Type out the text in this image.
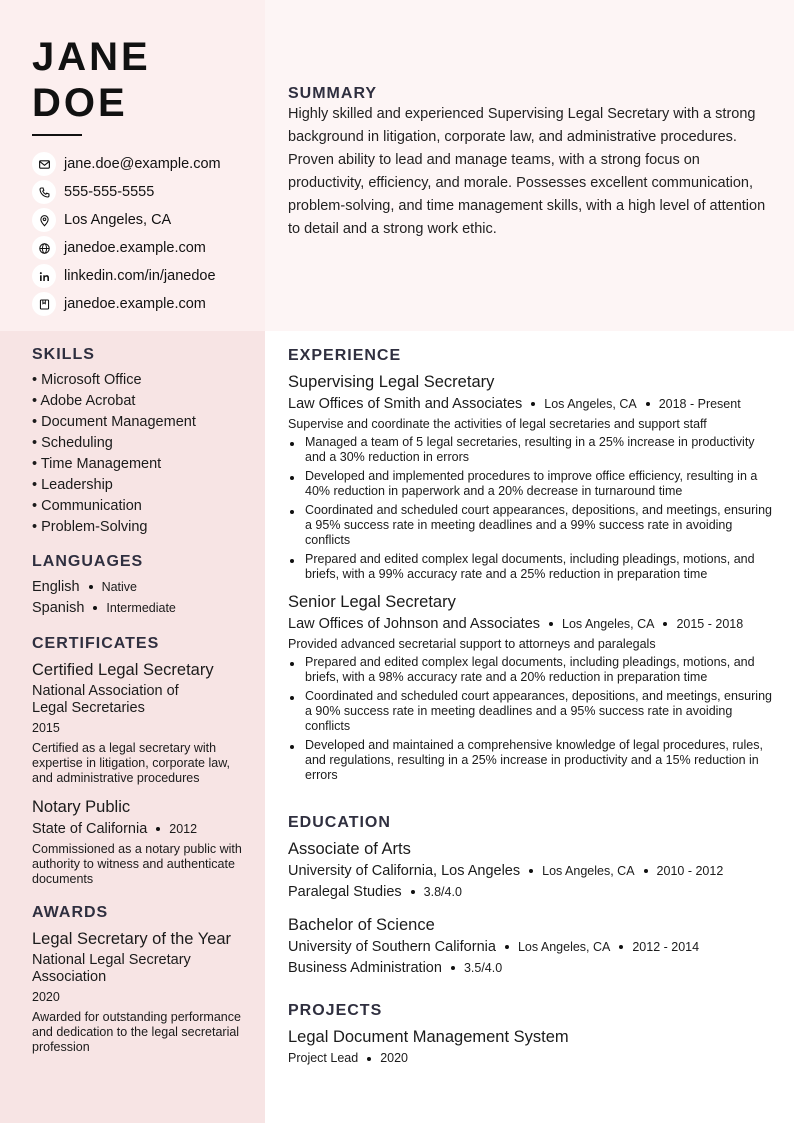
JANE
DOE
jane.doe@example.com
555-555-5555
Los Angeles, CA
janedoe.example.com
linkedin.com/in/janedoe
janedoe.example.com
SUMMARY
Highly skilled and experienced Supervising Legal Secretary with a strong background in litigation, corporate law, and administrative procedures. Proven ability to lead and manage teams, with a strong focus on productivity, efficiency, and morale. Possesses excellent communication, problem-solving, and time management skills, with a high level of attention to detail and a strong work ethic.
SKILLS
• Microsoft Office
• Adobe Acrobat
• Document Management
• Scheduling
• Time Management
• Leadership
• Communication
• Problem-Solving
LANGUAGES
English Native
Spanish Intermediate
CERTIFICATES
Certified Legal Secretary
National Association of Legal Secretaries
2015
Certified as a legal secretary with expertise in litigation, corporate law, and administrative procedures
Notary Public
State of California 2012
Commissioned as a notary public with authority to witness and authenticate documents
AWARDS
Legal Secretary of the Year
National Legal Secretary Association
2020
Awarded for outstanding performance and dedication to the legal secretarial profession
EXPERIENCE
Supervising Legal Secretary
Law Offices of Smith and Associates Los Angeles, CA 2018 - Present
Supervise and coordinate the activities of legal secretaries and support staff
Managed a team of 5 legal secretaries, resulting in a 25% increase in productivity and a 30% reduction in errors
Developed and implemented procedures to improve office efficiency, resulting in a 40% reduction in paperwork and a 20% decrease in turnaround time
Coordinated and scheduled court appearances, depositions, and meetings, ensuring a 95% success rate in meeting deadlines and a 99% success rate in avoiding conflicts
Prepared and edited complex legal documents, including pleadings, motions, and briefs, with a 99% accuracy rate and a 25% reduction in preparation time
Senior Legal Secretary
Law Offices of Johnson and Associates Los Angeles, CA 2015 - 2018
Provided advanced secretarial support to attorneys and paralegals
Prepared and edited complex legal documents, including pleadings, motions, and briefs, with a 98% accuracy rate and a 20% reduction in preparation time
Coordinated and scheduled court appearances, depositions, and meetings, ensuring a 90% success rate in meeting deadlines and a 95% success rate in avoiding conflicts
Developed and maintained a comprehensive knowledge of legal procedures, rules, and regulations, resulting in a 25% increase in productivity and a 15% reduction in errors
EDUCATION
Associate of Arts
University of California, Los Angeles Los Angeles, CA 2010 - 2012
Paralegal Studies 3.8/4.0
Bachelor of Science
University of Southern California Los Angeles, CA 2012 - 2014
Business Administration 3.5/4.0
PROJECTS
Legal Document Management System
Project Lead 2020
